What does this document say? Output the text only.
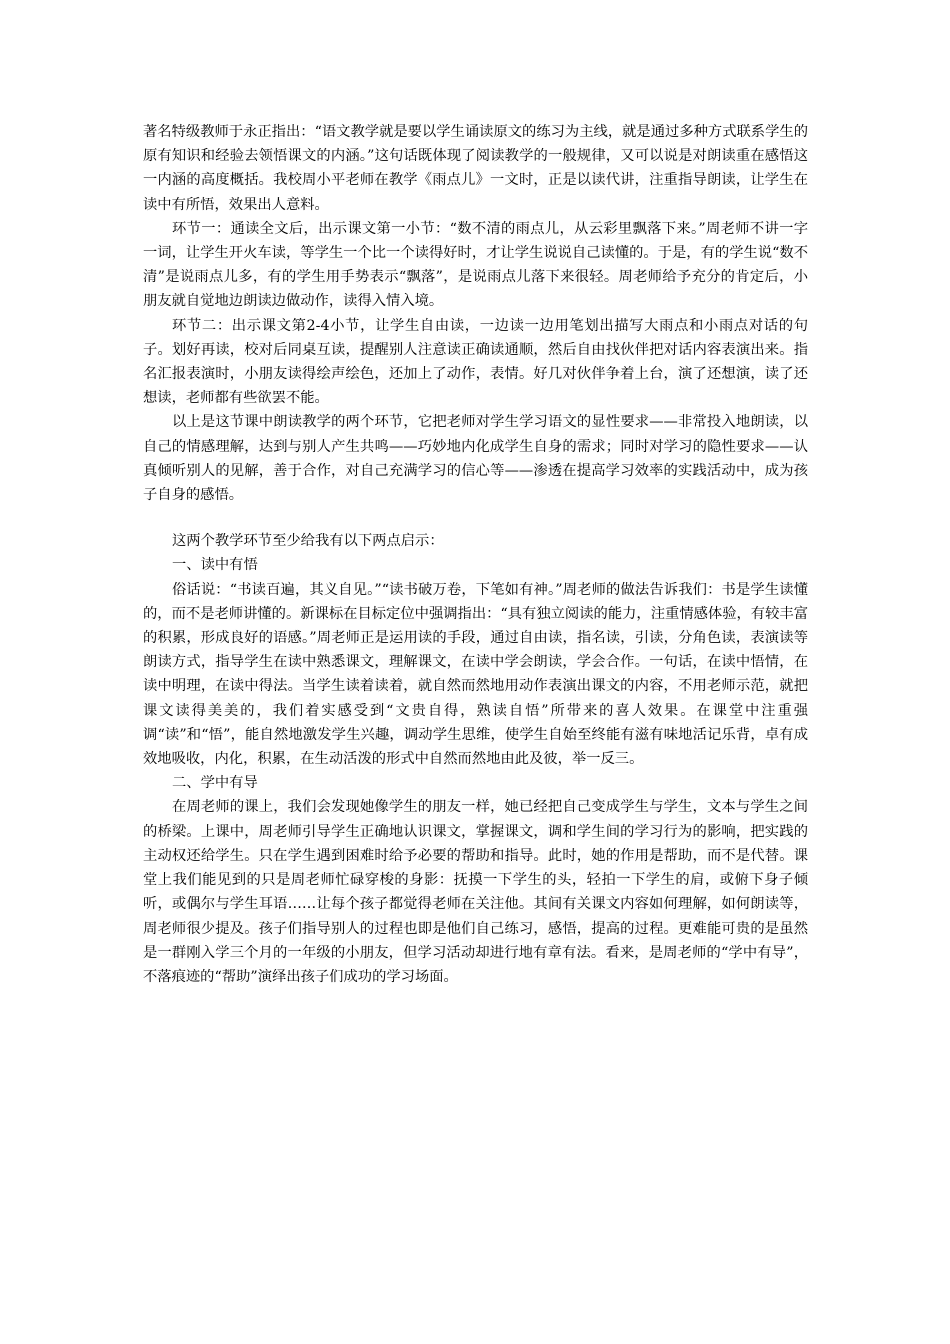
著名特级教师于永正指出：“语文教学就是要以学生诵读原文的练习为主线，就是通过多种方式联系学生的原有知识和经验去领悟课文的内涵。”这句话既体现了阅读教学的一般规律，又可以说是对朗读重在感悟这一内涵的高度概括。我校周小平老师在教学《雨点儿》一文时，正是以读代讲，注重指导朗读，让学生在读中有所悟，效果出人意料。

环节一：通读全文后，出示课文第一小节：“数不清的雨点儿，从云彩里飘落下来。”周老师不讲一字一词，让学生开火车读，等学生一个比一个读得好时，才让学生说说自己读懂的。于是，有的学生说“数不清”是说雨点儿多，有的学生用手势表示“飘落”，是说雨点儿落下来很轻。周老师给予充分的肯定后，小朋友就自觉地边朗读边做动作，读得入情入境。

环节二：出示课文第2-4小节，让学生自由读，一边读一边用笔划出描写大雨点和小雨点对话的句子。划好再读，校对后同桌互读，提醒别人注意读正确读通顺，然后自由找伙伴把对话内容表演出来。指名汇报表演时，小朋友读得绘声绘色，还加上了动作，表情。好几对伙伴争着上台，演了还想演，读了还想读，老师都有些欲罢不能。

以上是这节课中朗读教学的两个环节，它把老师对学生学习语文的显性要求——非常投入地朗读，以自己的情感理解，达到与别人产生共鸣——巧妙地内化成学生自身的需求；同时对学习的隐性要求——认真倾听别人的见解，善于合作，对自己充满学习的信心等——渗透在提高学习效率的实践活动中，成为孩子自身的感悟。

这两个教学环节至少给我有以下两点启示：

一、读中有悟

俗话说：“书读百遍，其义自见。”“读书破万卷，下笔如有神。”周老师的做法告诉我们：书是学生读懂的，而不是老师讲懂的。新课标在目标定位中强调指出：“具有独立阅读的能力，注重情感体验，有较丰富的积累，形成良好的语感。”周老师正是运用读的手段，通过自由读，指名读，引读，分角色读，表演读等朗读方式，指导学生在读中熟悉课文，理解课文，在读中学会朗读，学会合作。一句话，在读中悟情，在读中明理，在读中得法。当学生读着读着，就自然而然地用动作表演出课文的内容，不用老师示范，就把课文读得美美的，我们着实感受到“文贵自得，熟读自悟”所带来的喜人效果。在课堂中注重强调“读”和“悟”，能自然地激发学生兴趣，调动学生思维，使学生自始至终能有滋有味地活记乐背，卓有成效地吸收，内化，积累，在生动活泼的形式中自然而然地由此及彼，举一反三。

二、学中有导

在周老师的课上，我们会发现她像学生的朋友一样，她已经把自己变成学生与学生，文本与学生之间的桥梁。上课中，周老师引导学生正确地认识课文，掌握课文，调和学生间的学习行为的影响，把实践的主动权还给学生。只在学生遇到困难时给予必要的帮助和指导。此时，她的作用是帮助，而不是代替。课堂上我们能见到的只是周老师忙碌穿梭的身影：抚摸一下学生的头，轻拍一下学生的肩，或俯下身子倾听，或偶尔与学生耳语……让每个孩子都觉得老师在关注他。其间有关课文内容如何理解，如何朗读等，周老师很少提及。孩子们指导别人的过程也即是他们自己练习，感悟，提高的过程。更难能可贵的是虽然是一群刚入学三个月的一年级的小朋友，但学习活动却进行地有章有法。看来，是周老师的“学中有导”，不落痕迹的“帮助”演绎出孩子们成功的学习场面。
